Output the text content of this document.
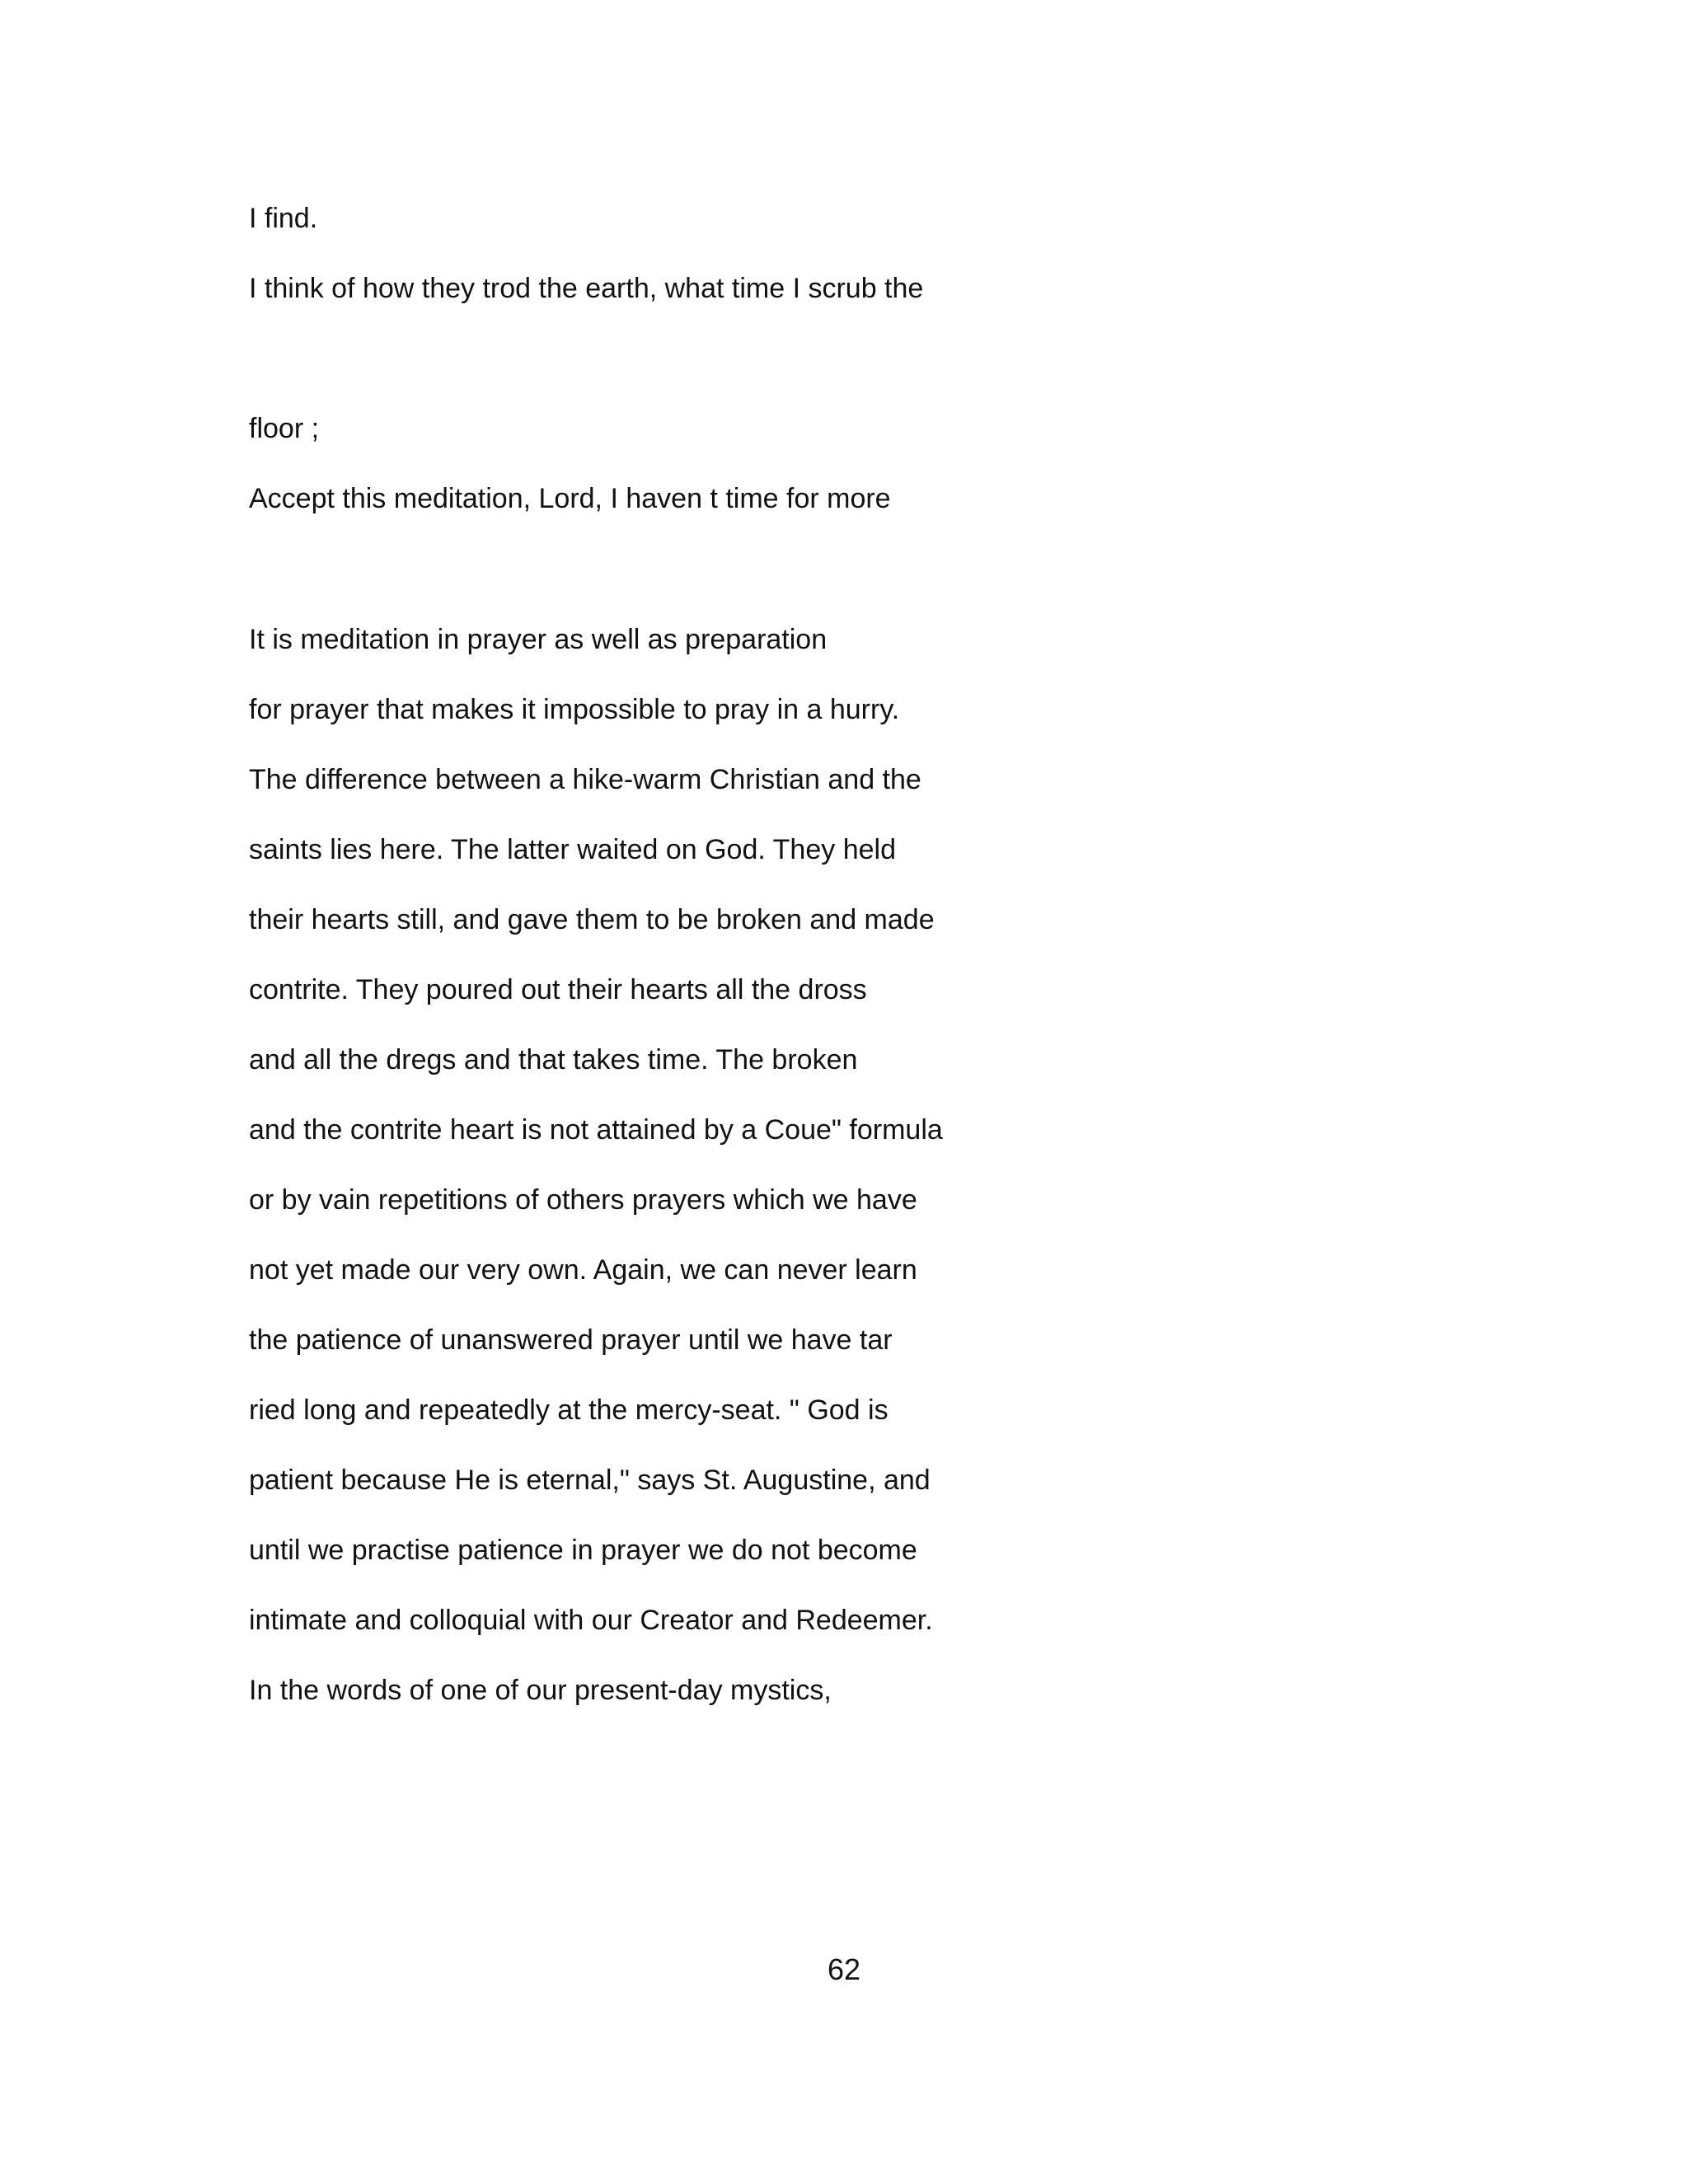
I find.
I think of how they trod the earth, what time I scrub the
floor ;
Accept this meditation, Lord, I haven t time for more
It is meditation in prayer as well as preparation
for prayer that makes it impossible to pray in a hurry.
The difference between a hike-warm Christian and the
saints lies here. The latter waited on God. They held
their hearts still, and gave them to be broken and made
contrite. They poured out their hearts all the dross
and all the dregs and that takes time. The broken
and the contrite heart is not attained by a Coue" formula
or by vain repetitions of others prayers which we have
not yet made our very own. Again, we can never learn
the patience of unanswered prayer until we have tar
ried long and repeatedly at the mercy-seat. " God is
patient because He is eternal," says St. Augustine, and
until we practise patience in prayer we do not become
intimate and colloquial with our Creator and Redeemer.
In the words of one of our present-day mystics,
62
